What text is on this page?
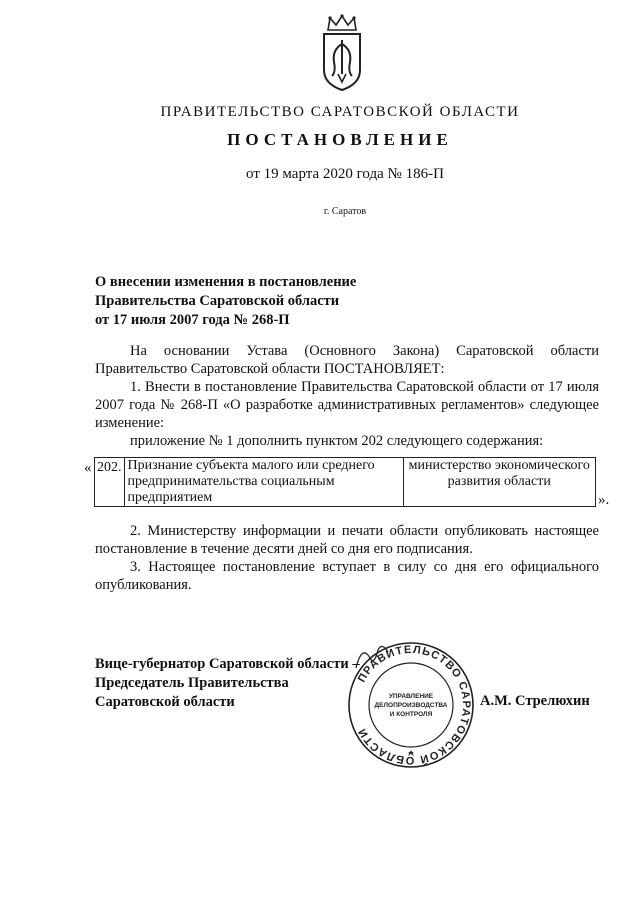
ПРАВИТЕЛЬСТВО САРАТОВСКОЙ ОБЛАСТИ
ПОСТАНОВЛЕНИЕ
от 19 марта 2020 года № 186-П
г. Саратов
О внесении изменения в постановление
Правительства Саратовской области
от 17 июля 2007 года № 268-П
На основании Устава (Основного Закона) Саратовской области
Правительство Саратовской области ПОСТАНОВЛЯЕТ:
1. Внести в постановление Правительства Саратовской области от 17 июля
2007 года № 268-П «О разработке административных регламентов» следующее
изменение:
приложение № 1 дополнить пунктом 202 следующего содержания:
« 202.	Признание субъекта малого или среднего предпринимательства социальным предприятием	министерство экономического развития области
».
2. Министерству информации и печати области опубликовать настоящее
постановление в течение десяти дней со дня его подписания.
3. Настоящее постановление вступает в силу со дня его официального
опубликования.
Вице-губернатор Саратовской области –
Председатель Правительства
Саратовской области
ПРАВИТЕЛЬСТВО САРАТОВСКОЙ ОБЛАСТИ
УПРАВЛЕНИЕ
ДЕЛОПРОИЗВОДСТВА
И КОНТРОЛЯ
А.М. Стрелюхин
